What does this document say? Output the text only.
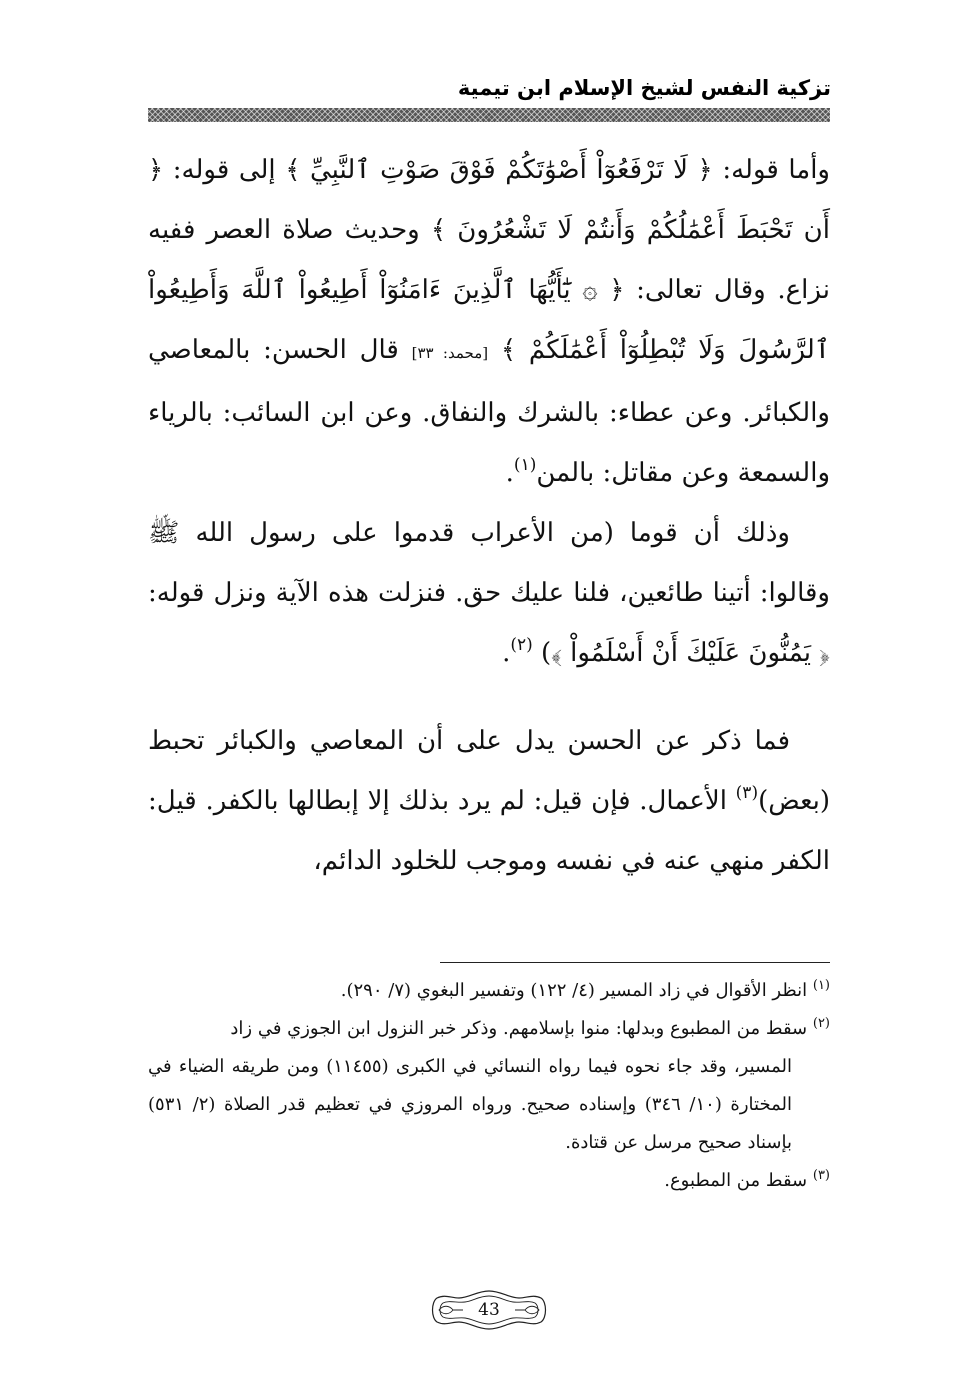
تزكية النفس لشيخ الإسلام ابن تيمية

وأما قوله: ﴿ لَا تَرْفَعُوٓاْ أَصْوَٰتَكُمْ فَوْقَ صَوْتِ ٱلنَّبِيِّ ﴾ إلى قوله: ﴿ أَن تَحْبَطَ أَعْمَٰلُكُمْ وَأَنتُمْ لَا تَشْعُرُونَ ﴾ وحديث صلاة العصر ففيه نزاع. وقال تعالى: ﴿ ۞ يَٰٓأَيُّهَا ٱلَّذِينَ ءَامَنُوٓاْ أَطِيعُواْ ٱللَّهَ وَأَطِيعُواْ ٱلرَّسُولَ وَلَا تُبْطِلُوٓاْ أَعْمَٰلَكُمْ ﴾ [محمد: ٣٣] قال الحسن: بالمعاصي والكبائر. وعن عطاء: بالشرك والنفاق. وعن ابن السائب: بالرياء والسمعة وعن مقاتل: بالمن$^{(١)}$.

وذلك أن قوما (من الأعراب قدموا على رسول الله ﷺ وقالوا: أتينا طائعين، فلنا عليك حق. فنزلت هذه الآية ونزل قوله: ﴿ يَمُنُّونَ عَلَيْكَ أَنْ أَسْلَمُواْ ﴾) $^{(٢)}$.

فما ذكر عن الحسن يدل على أن المعاصي والكبائر تحبط (بعض)$^{(٣)}$ الأعمال. فإن قيل: لم يرد بذلك إلا إبطالها بالكفر. قيل: الكفر منهي عنه في نفسه وموجب للخلود الدائم،

$^{(١)}$ انظر الأقوال في زاد المسير (٤/ ١٢٢) وتفسير البغوي (٧/ ٢٩٠).

$^{(٢)}$ سقط من المطبوع وبدلها: منوا بإسلامهم. وذكر خبر النزول ابن الجوزي في زاد

المسير، وقد جاء نحوه فيما رواه النسائي في الكبرى (١١٤٥٥) ومن طريقه الضياء في المختارة (١٠/ ٣٤٦) وإسناده صحيح. ورواه المروزي في تعظيم قدر الصلاة (٢/ ٥٣١) بإسناد صحيح مرسل عن قتادة.

$^{(٣)}$ سقط من المطبوع.

43
